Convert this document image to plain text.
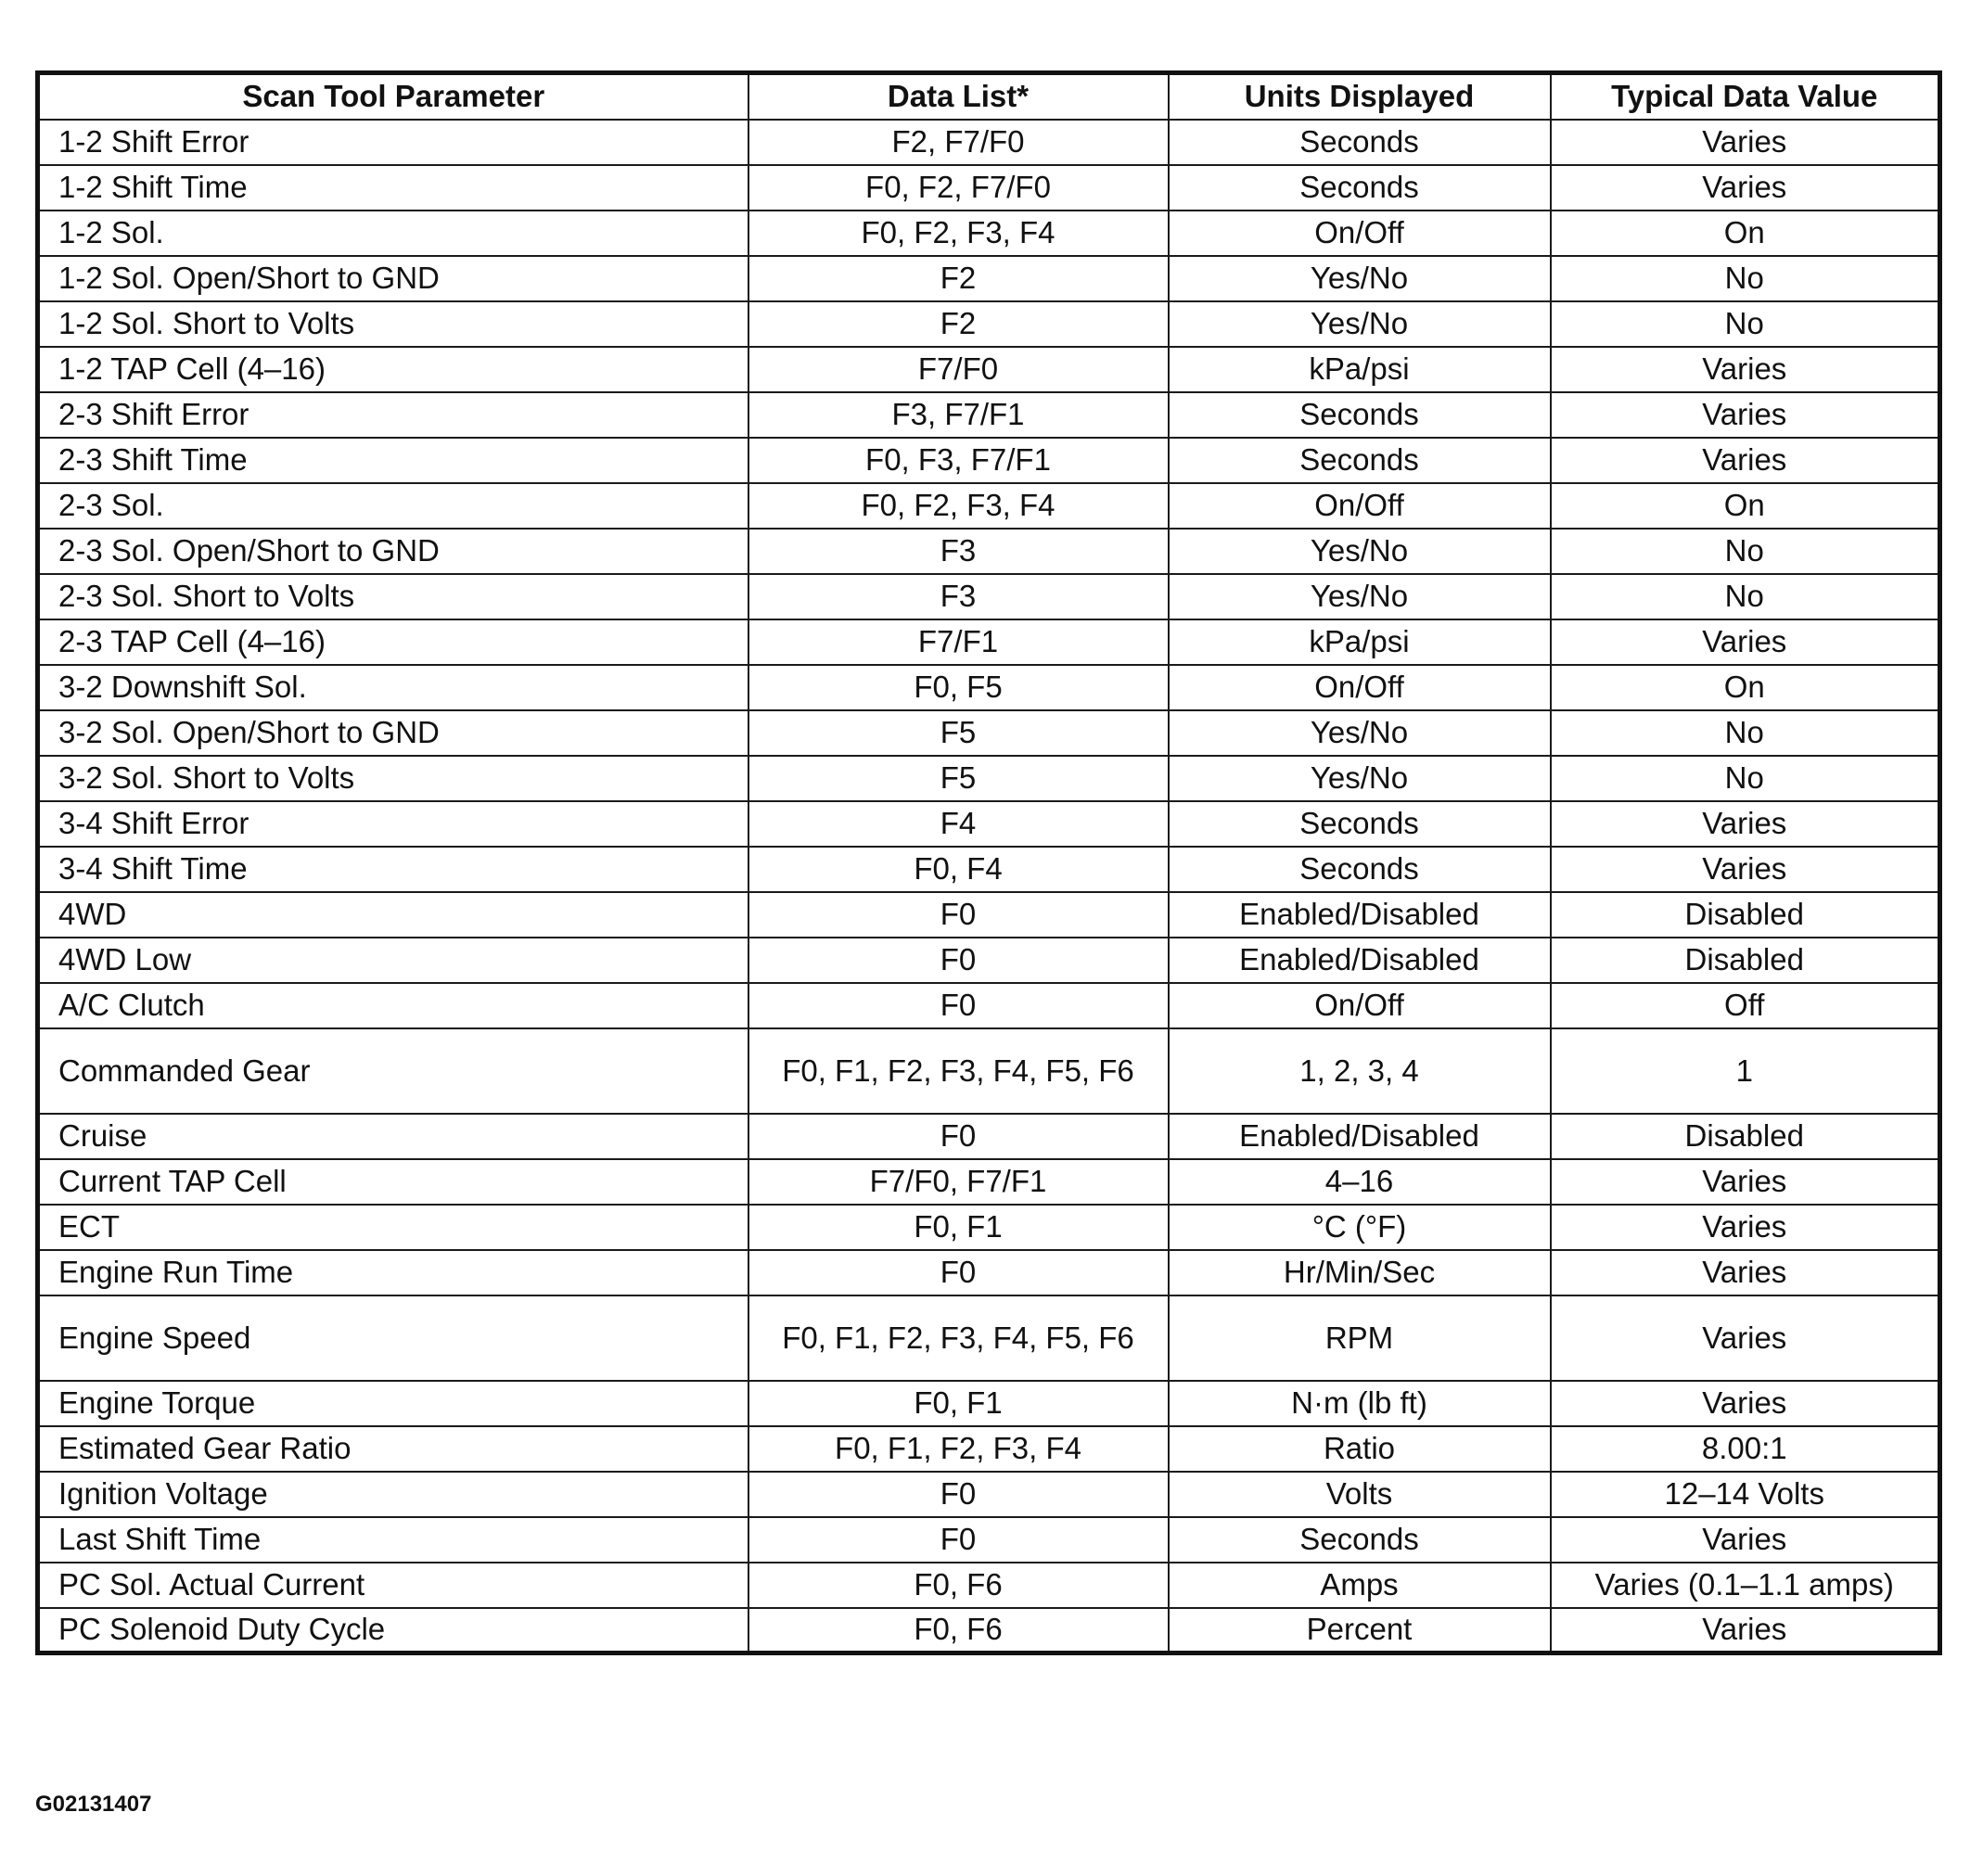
Scan Tool Parameter	Data List*	Units Displayed	Typical Data Value
1-2 Shift Error	F2, F7/F0	Seconds	Varies
1-2 Shift Time	F0, F2, F7/F0	Seconds	Varies
1-2 Sol.	F0, F2, F3, F4	On/Off	On
1-2 Sol. Open/Short to GND	F2	Yes/No	No
1-2 Sol. Short to Volts	F2	Yes/No	No
1-2 TAP Cell (4–16)	F7/F0	kPa/psi	Varies
2-3 Shift Error	F3, F7/F1	Seconds	Varies
2-3 Shift Time	F0, F3, F7/F1	Seconds	Varies
2-3 Sol.	F0, F2, F3, F4	On/Off	On
2-3 Sol. Open/Short to GND	F3	Yes/No	No
2-3 Sol. Short to Volts	F3	Yes/No	No
2-3 TAP Cell (4–16)	F7/F1	kPa/psi	Varies
3-2 Downshift Sol.	F0, F5	On/Off	On
3-2 Sol. Open/Short to GND	F5	Yes/No	No
3-2 Sol. Short to Volts	F5	Yes/No	No
3-4 Shift Error	F4	Seconds	Varies
3-4 Shift Time	F0, F4	Seconds	Varies
4WD	F0	Enabled/Disabled	Disabled
4WD Low	F0	Enabled/Disabled	Disabled
A/C Clutch	F0	On/Off	Off
Commanded Gear	F0, F1, F2, F3, F4, F5, F6	1, 2, 3, 4	1
Cruise	F0	Enabled/Disabled	Disabled
Current TAP Cell	F7/F0, F7/F1	4–16	Varies
ECT	F0, F1	°C (°F)	Varies
Engine Run Time	F0	Hr/Min/Sec	Varies
Engine Speed	F0, F1, F2, F3, F4, F5, F6	RPM	Varies
Engine Torque	F0, F1	N·m (lb ft)	Varies
Estimated Gear Ratio	F0, F1, F2, F3, F4	Ratio	8.00:1
Ignition Voltage	F0	Volts	12–14 Volts
Last Shift Time	F0	Seconds	Varies
PC Sol. Actual Current	F0, F6	Amps	Varies (0.1–1.1 amps)
PC Solenoid Duty Cycle	F0, F6	Percent	Varies
G02131407
